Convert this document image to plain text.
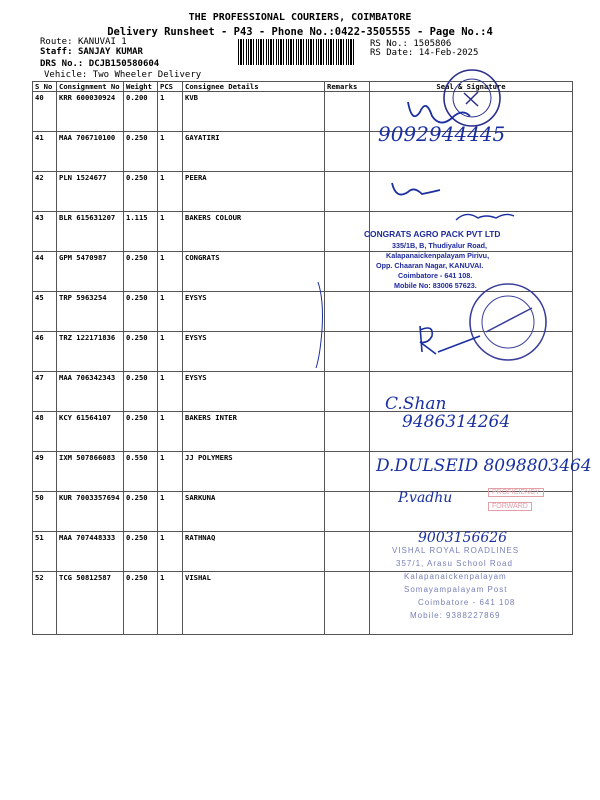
THE PROFESSIONAL COURIERS, COIMBATORE
Delivery Runsheet - P43 - Phone No.:0422-3505555 - Page No.:4
Route: KANUVAI 1
Staff: SANJAY KUMAR
DRS No.: DCJB150580604
Vehicle: Two Wheeler Delivery
RS No.: 1505806
RS Date: 14-Feb-2025
S No	Consignment No	Weight	PCS	Consignee Details	Remarks	Seal & Signature
40	KRR 600030924	0.200	1	KVB		
41	MAA 706710100	0.250	1	GAYATIRI		
42	PLN 1524677	0.250	1	PEERA		
43	BLR 615631207	1.115	1	BAKERS COLOUR		
44	GPM 5470987	0.250	1	CONGRATS		
45	TRP 5963254	0.250	1	EYSYS		
46	TRZ 122171836	0.250	1	EYSYS		
47	MAA 706342343	0.250	1	EYSYS		
48	KCY 61564107	0.250	1	BAKERS INTER		
49	IXM 507866083	0.550	1	JJ POLYMERS		
50	KUR 7003357694	0.250	1	SARKUNA		
51	MAA 707448333	0.250	1	RATHNAQ		
52	TCG 50812587	0.250	1	VISHAL		
9092944445
CONGRATS AGRO PACK PVT LTD
335/1B, B, Thudiyalur Road,
Kalapanaickenpalayam Pirivu,
Opp. Chaaran Nagar, KANUVAI.
Coimbatore - 641 108.
Mobile No: 83006 57623.
C.Shan
9486314264
D.DULSEID 8098803464
P.vadhu	PROFICIENCY
FORWARD
9003156626
VISHAL ROYAL ROADLINES
357/1, Arasu School Road
Kalapanaickenpalayam
Somayampalayam Post
Coimbatore - 641 108
Mobile: 9388227869
